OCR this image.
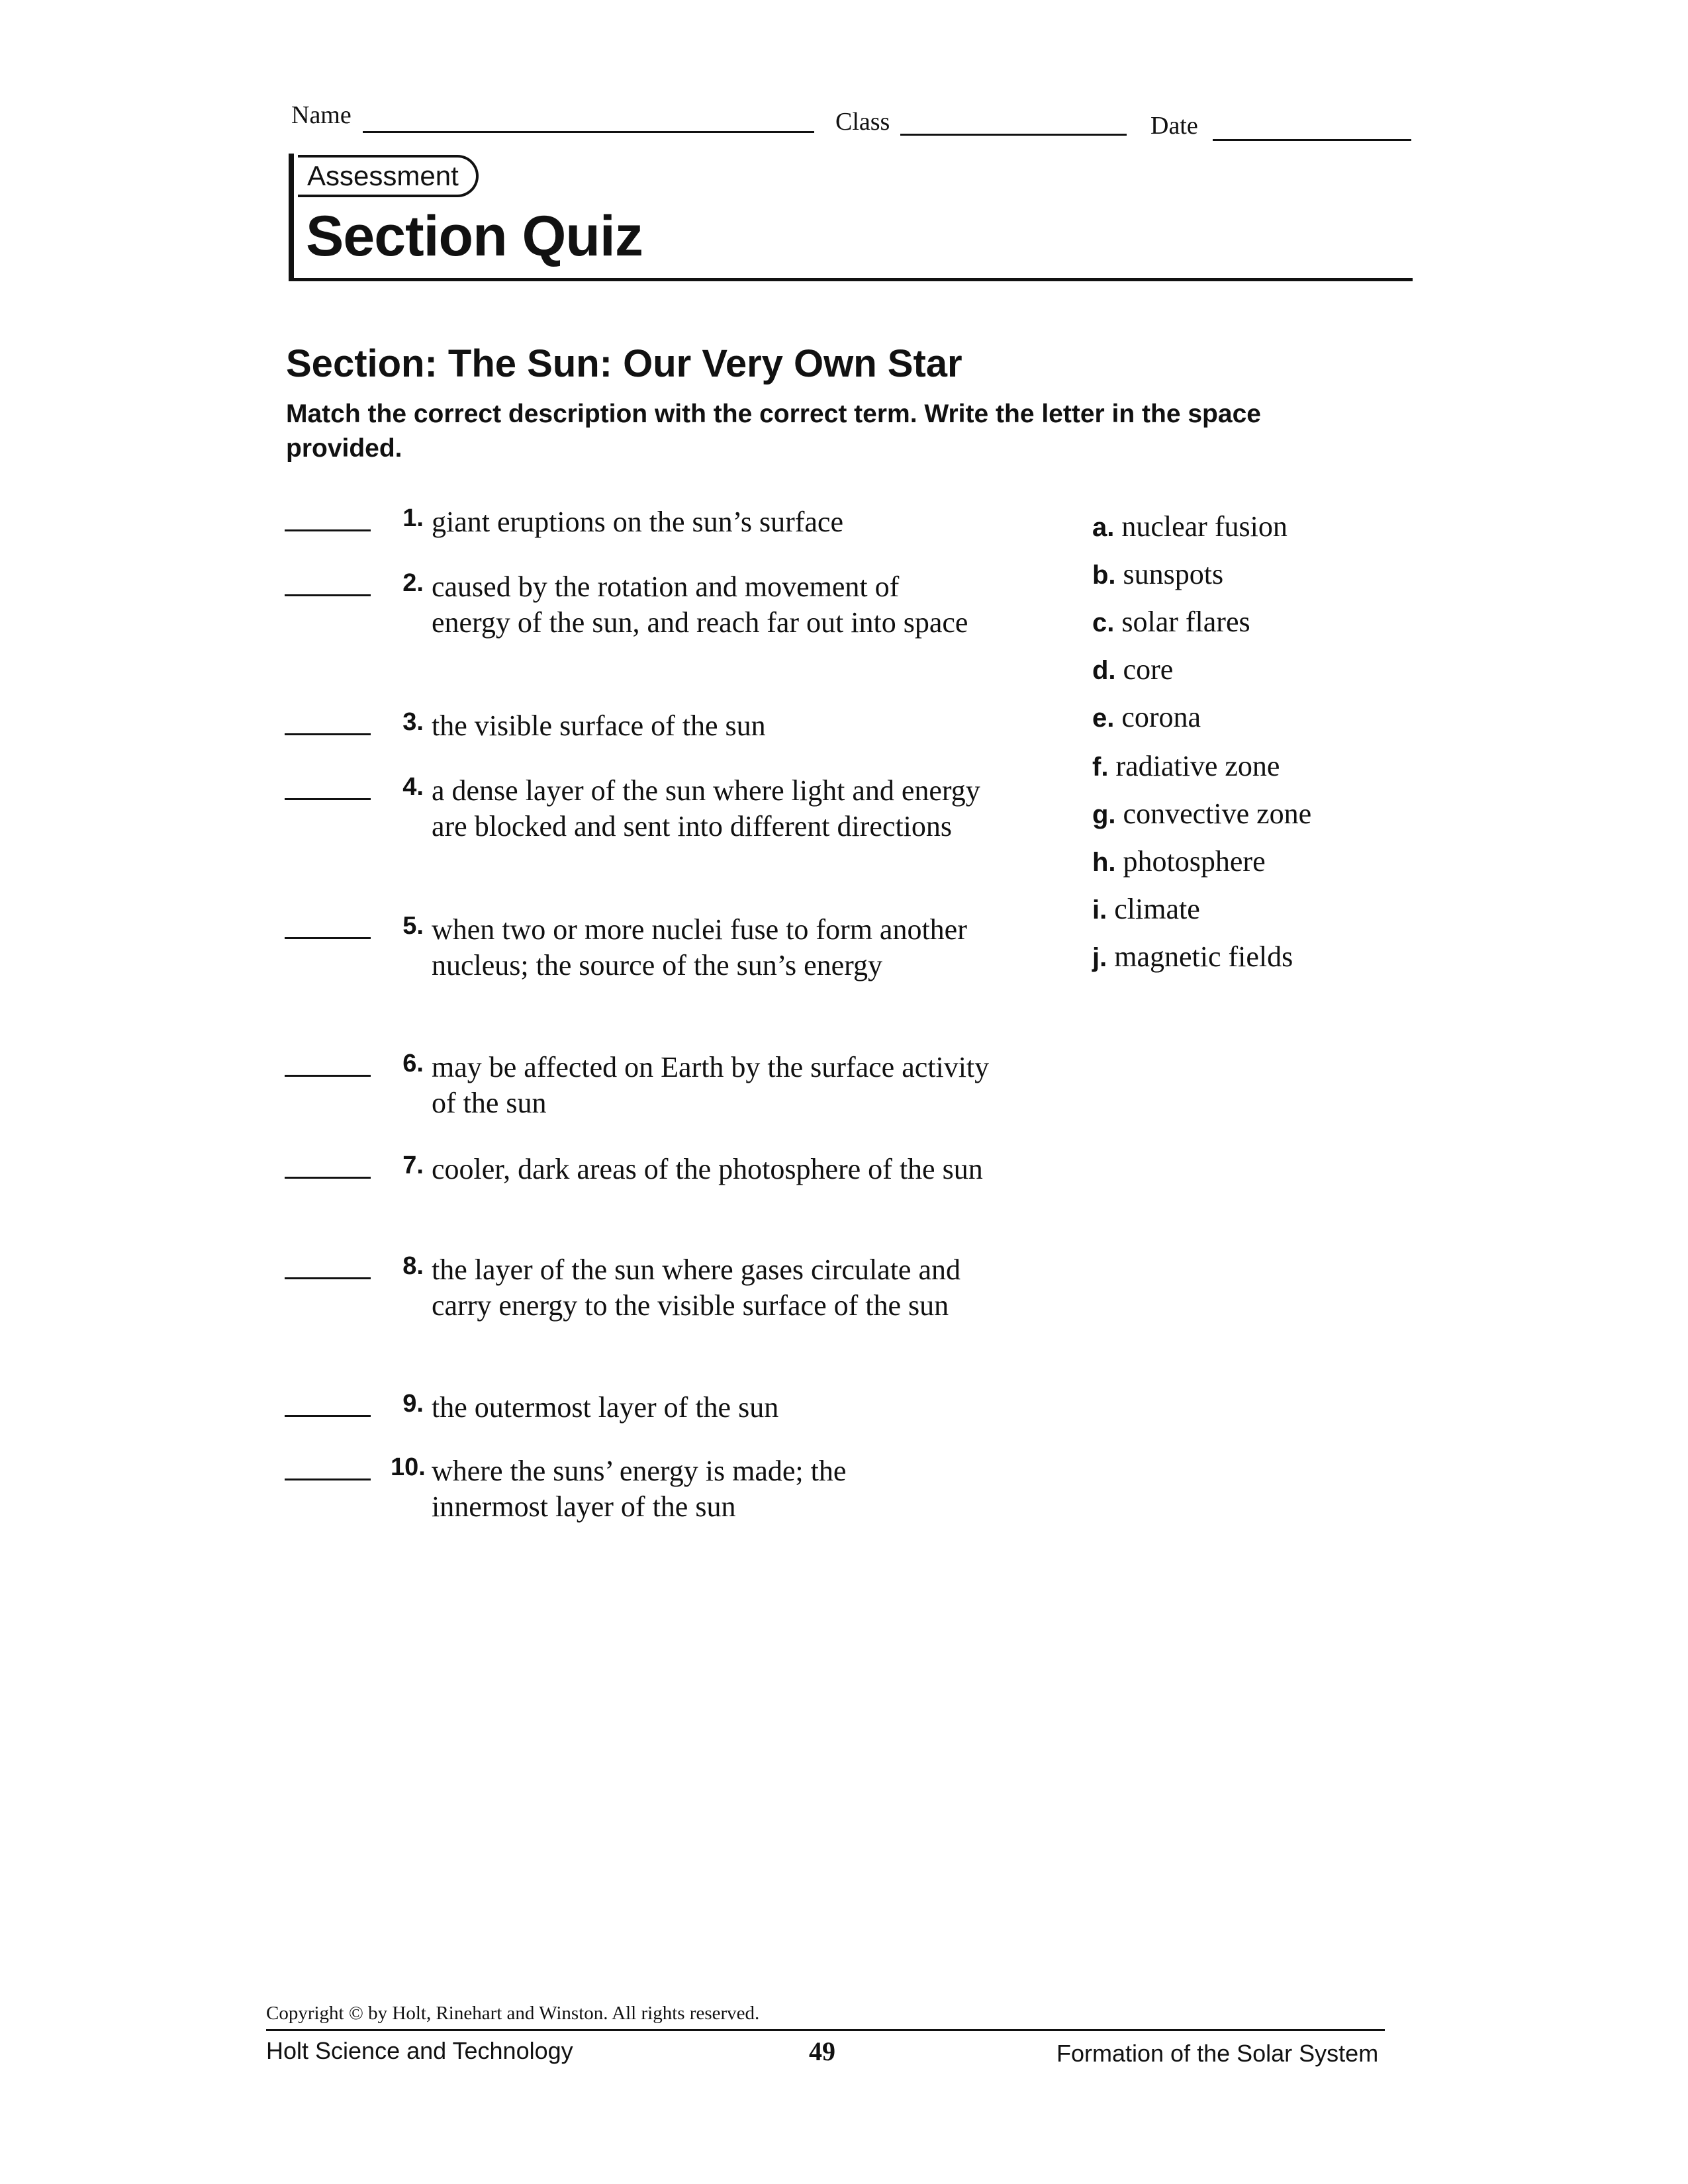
Name	Class	Date
Assessment
Section Quiz
Section: The Sun: Our Very Own Star
Match the correct description with the correct term. Write the letter in the space provided.
1. giant eruptions on the sun’s surface
2. caused by the rotation and movement of energy of the sun, and reach far out into space
3. the visible surface of the sun
4. a dense layer of the sun where light and energy are blocked and sent into different directions
5. when two or more nuclei fuse to form another nucleus; the source of the sun’s energy
6. may be affected on Earth by the surface activity of the sun
7. cooler, dark areas of the photosphere of the sun
8. the layer of the sun where gases circulate and carry energy to the visible surface of the sun
9. the outermost layer of the sun
10. where the suns’ energy is made; the innermost layer of the sun
a. nuclear fusion
b. sunspots
c. solar flares
d. core
e. corona
f. radiative zone
g. convective zone
h. photosphere
i. climate
j. magnetic fields
Copyright © by Holt, Rinehart and Winston. All rights reserved.
Holt Science and Technology	49	Formation of the Solar System
